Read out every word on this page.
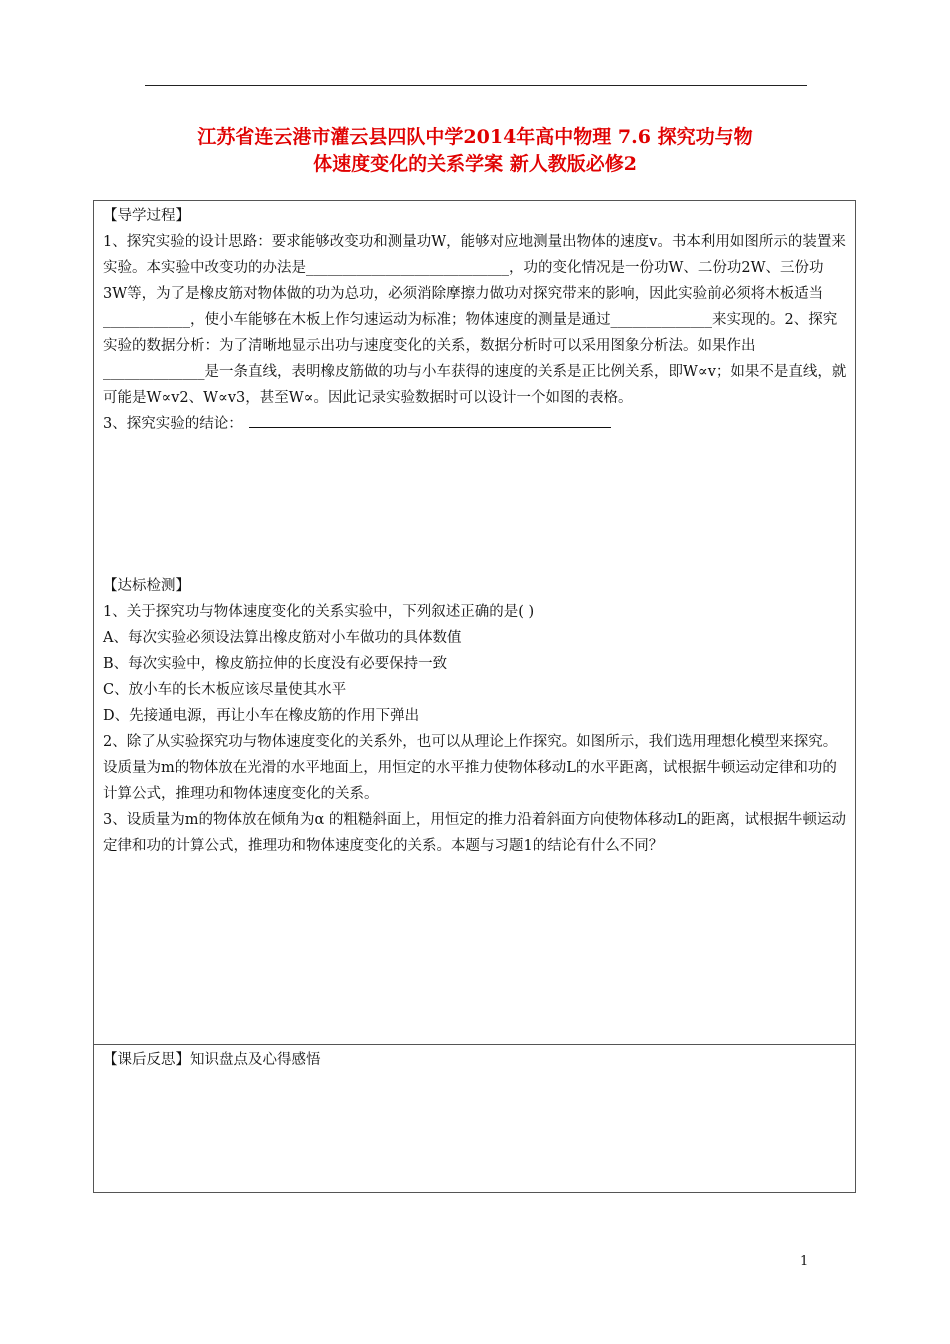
江苏省连云港市灌云县四队中学2014年高中物理 7.6 探究功与物
体速度变化的关系学案 新人教版必修2
【导学过程】

1、探究实验的设计思路：要求能够改变功和测量功W，能够对应地测量出物体的速度v。书本利用如图所示的装置来实验。本实验中改变功的办法是____________________________，功的变化情况是一份功W、二份功2W、三份功3W等，为了是橡皮筋对物体做的功为总功，必须消除摩擦力做功对探究带来的影响，因此实验前必须将木板适当____________，使小车能够在木板上作匀速运动为标准；物体速度的测量是通过______________来实现的。2、探究实验的数据分析：为了清晰地显示出功与速度变化的关系，数据分析时可以采用图象分析法。如果作出______________是一条直线，表明橡皮筋做的功与小车获得的速度的关系是正比例关系，即W∝v；如果不是直线，就可能是W∝v2、W∝v3，甚至W∝。因此记录实验数据时可以设计一个如图的表格。

3、探究实验的结论：

【达标检测】

1、关于探究功与物体速度变化的关系实验中，下列叙述正确的是( )

A、每次实验必须设法算出橡皮筋对小车做功的具体数值

B、每次实验中，橡皮筋拉伸的长度没有必要保持一致

C、放小车的长木板应该尽量使其水平

D、先接通电源，再让小车在橡皮筋的作用下弹出

2、除了从实验探究功与物体速度变化的关系外，也可以从理论上作探究。如图所示，我们选用理想化模型来探究。设质量为m的物体放在光滑的水平地面上，用恒定的水平推力使物体移动L的水平距离，试根据牛顿运动定律和功的计算公式，推理功和物体速度变化的关系。

3、设质量为m的物体放在倾角为α 的粗糙斜面上，用恒定的推力沿着斜面方向使物体移动L的距离，试根据牛顿运动定律和功的计算公式，推理功和物体速度变化的关系。本题与习题1的结论有什么不同？

【课后反思】知识盘点及心得感悟

1
